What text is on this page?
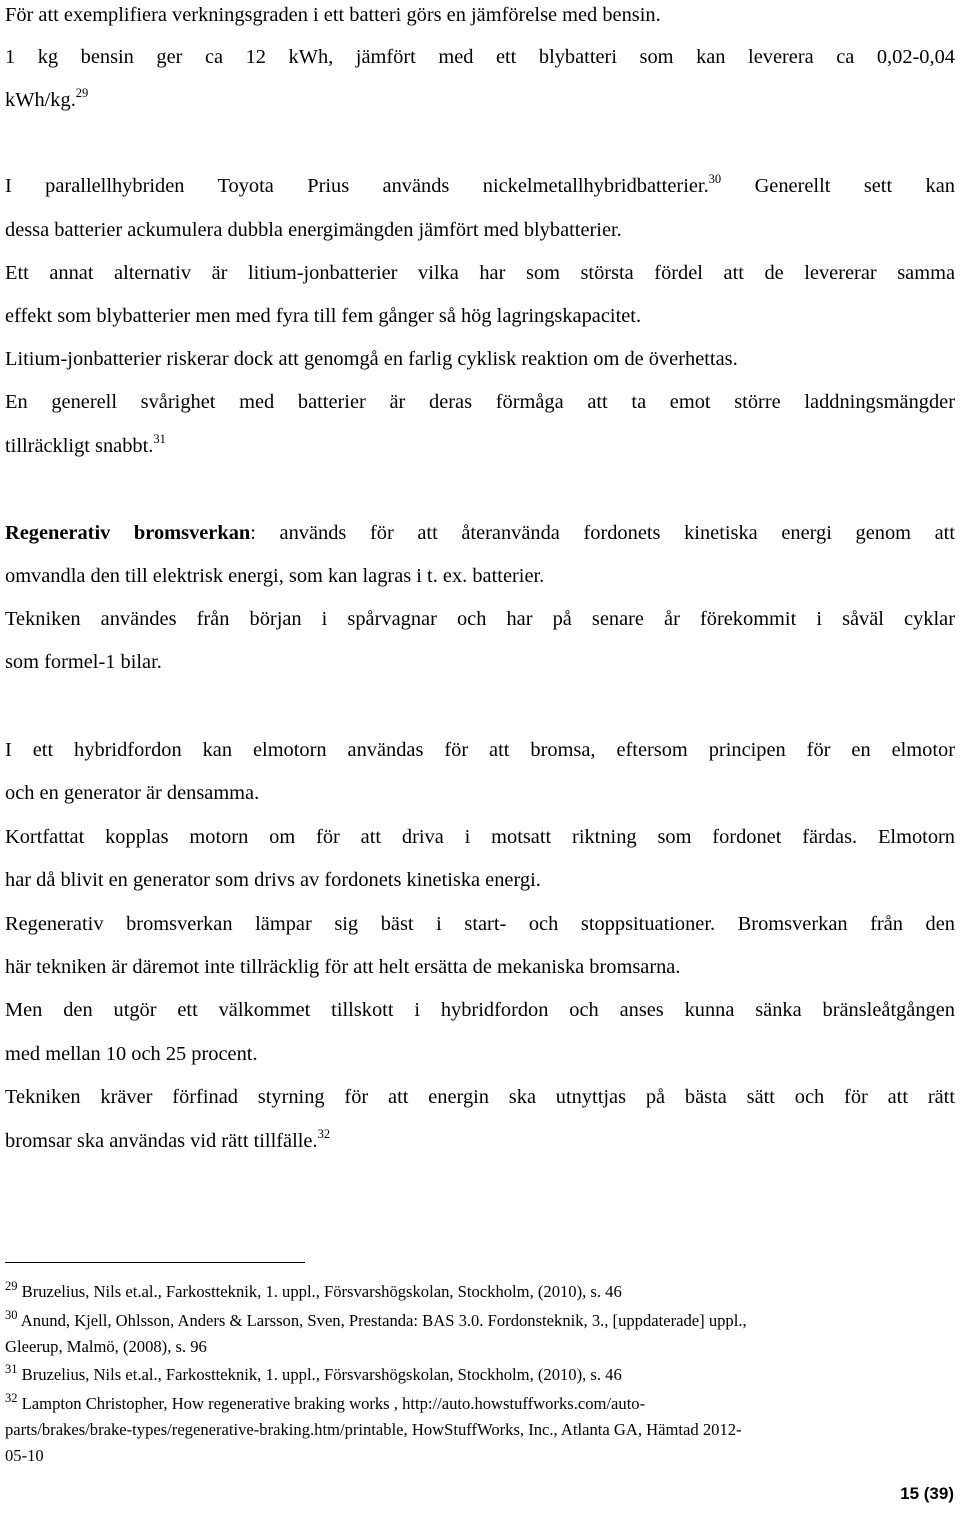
För att exemplifiera verkningsgraden i ett batteri görs en jämförelse med bensin.
1 kg bensin ger ca 12 kWh, jämfört med ett blybatteri som kan leverera ca 0,02-0,04
kWh/kg.$^{29}$
I parallellhybriden Toyota Prius används nickelmetallhybridbatterier.$^{30}$ Generellt sett kan
dessa batterier ackumulera dubbla energimängden jämfört med blybatterier.
Ett annat alternativ är litium-jonbatterier vilka har som största fördel att de levererar samma
effekt som blybatterier men med fyra till fem gånger så hög lagringskapacitet.
Litium-jonbatterier riskerar dock att genomgå en farlig cyklisk reaktion om de överhettas.
En generell svårighet med batterier är deras förmåga att ta emot större laddningsmängder
tillräckligt snabbt.$^{31}$
Regenerativ bromsverkan: används för att återanvända fordonets kinetiska energi genom att
omvandla den till elektrisk energi, som kan lagras i t. ex. batterier.
Tekniken användes från början i spårvagnar och har på senare år förekommit i såväl cyklar
som formel-1 bilar.
I ett hybridfordon kan elmotorn användas för att bromsa, eftersom principen för en elmotor
och en generator är densamma.
Kortfattat kopplas motorn om för att driva i motsatt riktning som fordonet färdas. Elmotorn
har då blivit en generator som drivs av fordonets kinetiska energi.
Regenerativ bromsverkan lämpar sig bäst i start- och stoppsituationer. Bromsverkan från den
här tekniken är däremot inte tillräcklig för att helt ersätta de mekaniska bromsarna.
Men den utgör ett välkommet tillskott i hybridfordon och anses kunna sänka bränsleåtgången
med mellan 10 och 25 procent.
Tekniken kräver förfinad styrning för att energin ska utnyttjas på bästa sätt och för att rätt
bromsar ska användas vid rätt tillfälle.$^{32}$
$^{29}$ Bruzelius, Nils et.al., Farkostteknik, 1. uppl., Försvarshögskolan, Stockholm, (2010), s. 46
$^{30}$ Anund, Kjell, Ohlsson, Anders & Larsson, Sven, Prestanda: BAS 3.0. Fordonsteknik, 3., [uppdaterade] uppl.,
Gleerup, Malmö, (2008), s. 96
$^{31}$ Bruzelius, Nils et.al., Farkostteknik, 1. uppl., Försvarshögskolan, Stockholm, (2010), s. 46
$^{32}$ Lampton Christopher, How regenerative braking works , http://auto.howstuffworks.com/auto-
parts/brakes/brake-types/regenerative-braking.htm/printable, HowStuffWorks, Inc., Atlanta GA, Hämtad 2012-
05-10
15 (39)
